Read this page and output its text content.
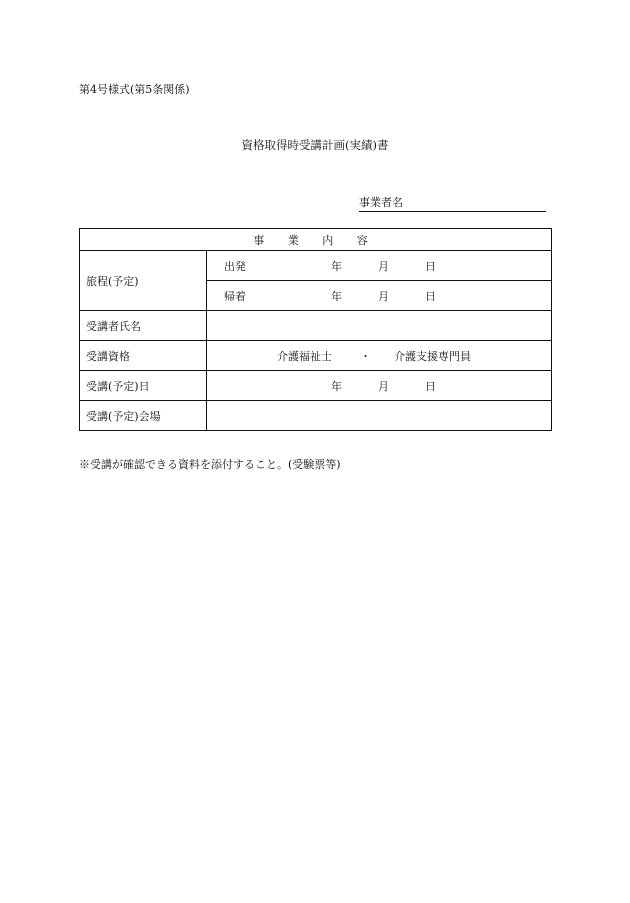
第4号様式(第5条関係)
資格取得時受講計画(実績)書
事業者名
事 業 内 容	
旅程(予定)	出発 年 月 日

	帰着 年 月 日

受講者氏名	
受講資格	介護福祉士 ・ 介護支援専門員

受講(予定)日	年 月 日

受講(予定)会場	
※受講が確認できる資料を添付すること。(受験票等)
